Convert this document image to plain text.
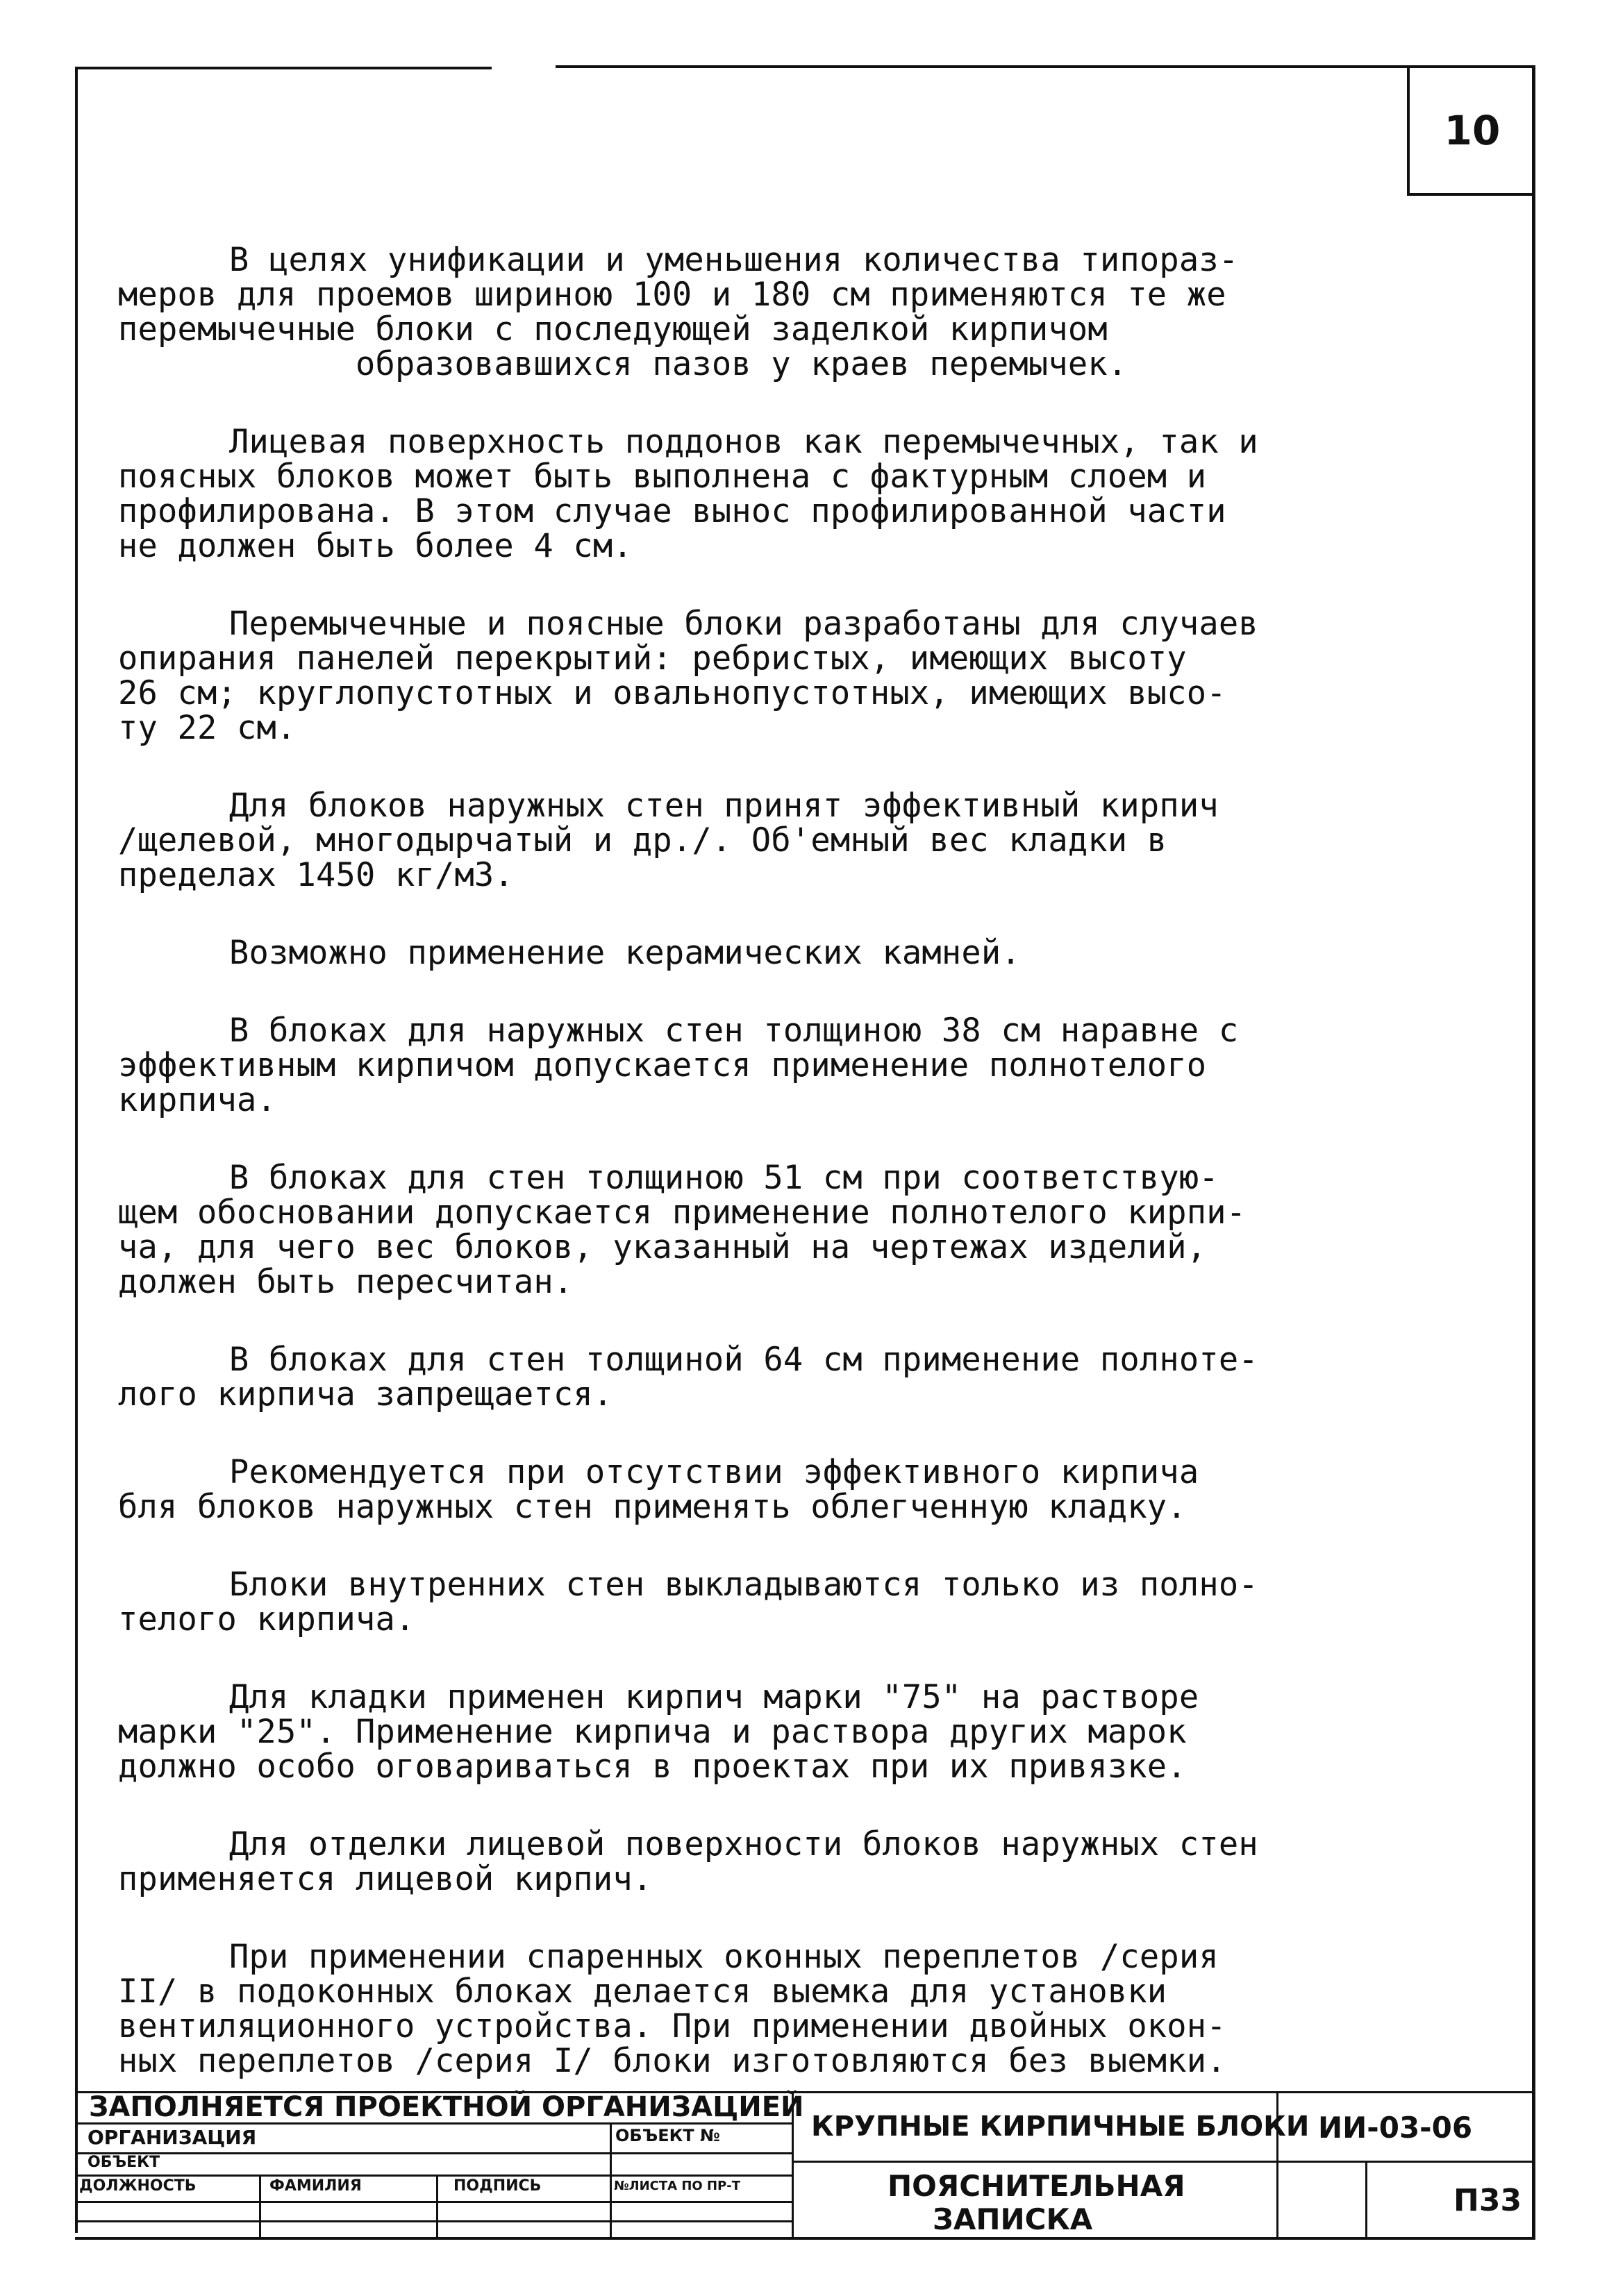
10
В целях унификации и уменьшения количества типораз-
меров для проемов шириною 100 и 180 см применяются те же
перемычечные блоки с последующей заделкой кирпичом
образовавшихся пазов у краев перемычек.
Лицевая поверхность поддонов как перемычечных, так и
поясных блоков может быть выполнена с фактурным слоем и
профилирована. В этом случае вынос профилированной части
не должен быть более 4 см.
Перемычечные и поясные блоки разработаны для случаев
опирания панелей перекрытий: ребристых, имеющих высоту
26 см; круглопустотных и овальнопустотных, имеющих высо-
ту 22 см.
Для блоков наружных стен принят эффективный кирпич
/щелевой, многодырчатый и др./. Об'емный вес кладки в
пределах 1450 кг/м3.
Возможно применение керамических камней.
В блоках для наружных стен толщиною 38 см наравне с
эффективным кирпичом допускается применение полнотелого
кирпича.
В блоках для стен толщиною 51 см при соответствую-
щем обосновании допускается применение полнотелого кирпи-
ча, для чего вес блоков, указанный на чертежах изделий,
должен быть пересчитан.
В блоках для стен толщиной 64 см применение полноте-
лого кирпича запрещается.
Рекомендуется при отсутствии эффективного кирпича
бля блоков наружных стен применять облегченную кладку.
Блоки внутренних стен выкладываются только из полно-
телого кирпича.
Для кладки применен кирпич марки "75" на растворе
марки "25". Применение кирпича и раствора других марок
должно особо оговариваться в проектах при их привязке.
Для отделки лицевой поверхности блоков наружных стен
применяется лицевой кирпич.
При применении спаренных оконных переплетов /серия
II/ в подоконных блоках делается выемка для установки
вентиляционного устройства. При применении двойных окон-
ных переплетов /серия I/ блоки изготовляются без выемки.
ЗАПОЛНЯЕТСЯ ПРОЕКТНОЙ ОРГАНИЗАЦИЕЙ
ОРГАНИЗАЦИЯ
ОБЪЕКТ
ОБЪЕКТ №
ДОЛЖНОСТЬ	ФАМИЛИЯ	ПОДПИСЬ	№ЛИСТА ПО ПР-Т
КРУПНЫЕ КИРПИЧНЫЕ БЛОКИ ИИ-03-06
ПОЯСНИТЕЛЬНАЯ
ЗАПИСКА
П33
